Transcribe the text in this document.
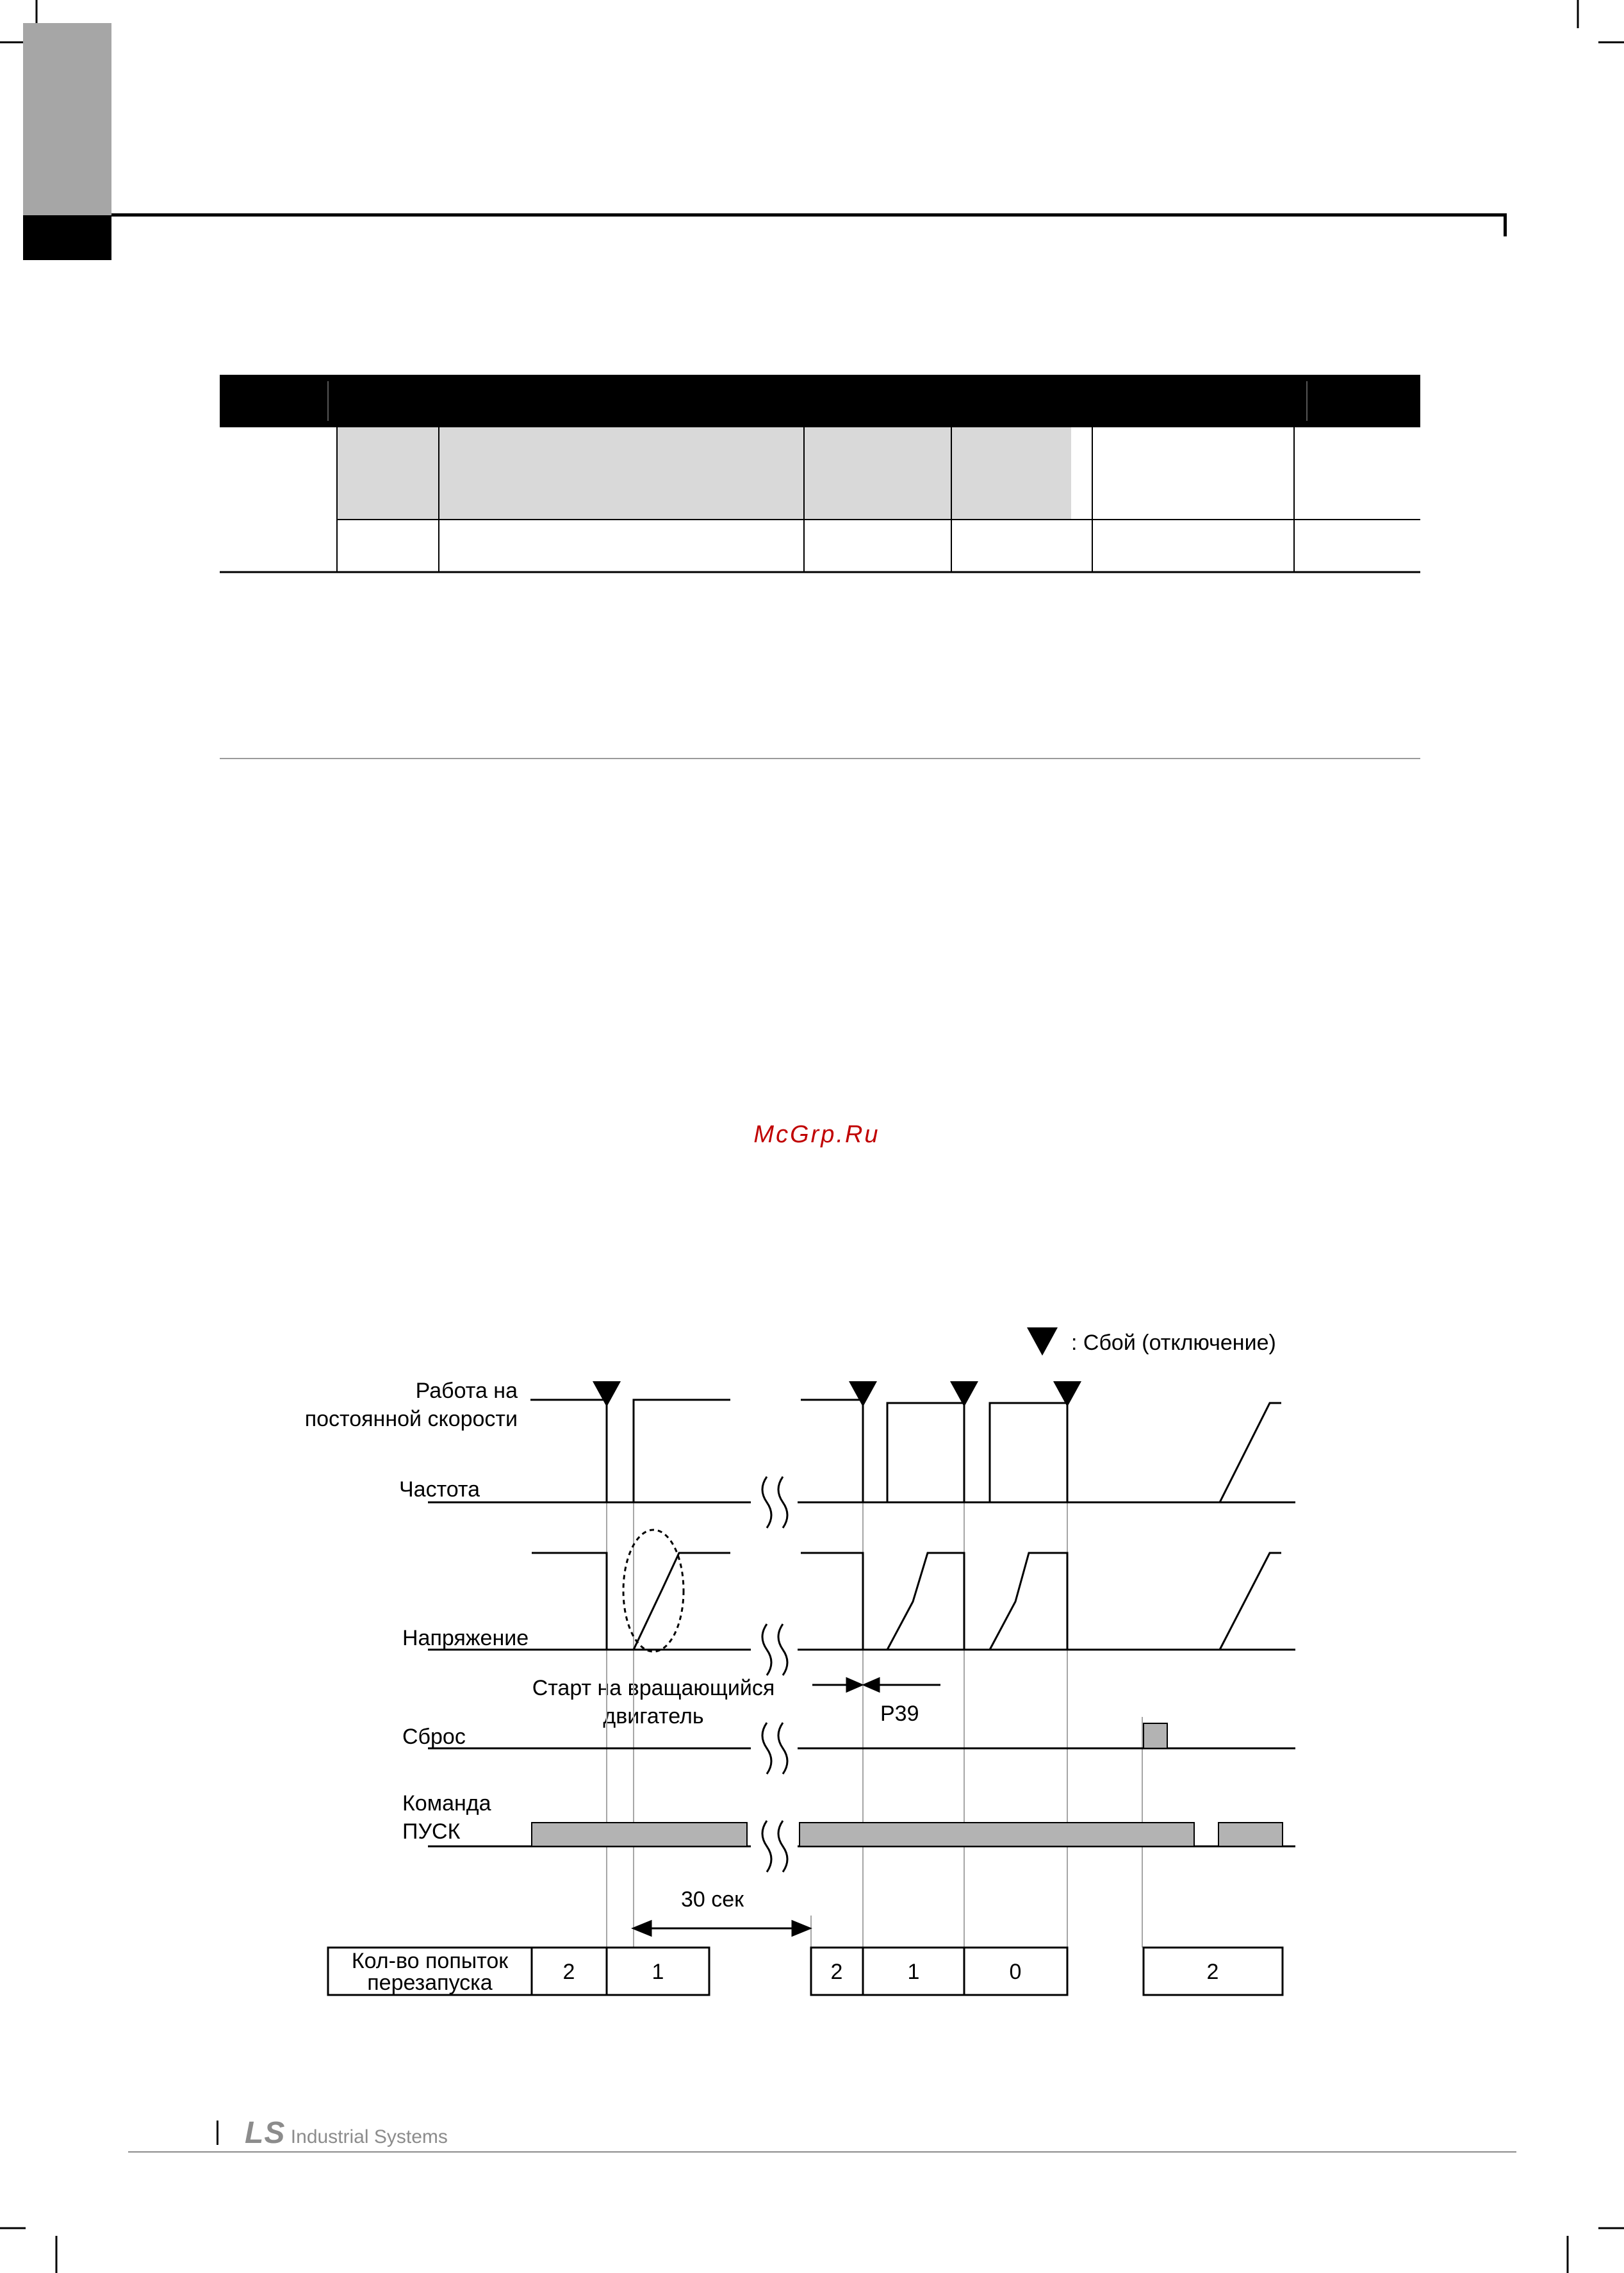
McGrp.Ru
: Сбой (отключение)
Работа на
постоянной скорости
Частота
Напряжение
Старт на вращающийся
двигатель	P39
Сброс
Команда
ПУСК
30 сек
Кол-во попыток
перезапуска	2	1	2	1	0	2
LS Industrial Systems
